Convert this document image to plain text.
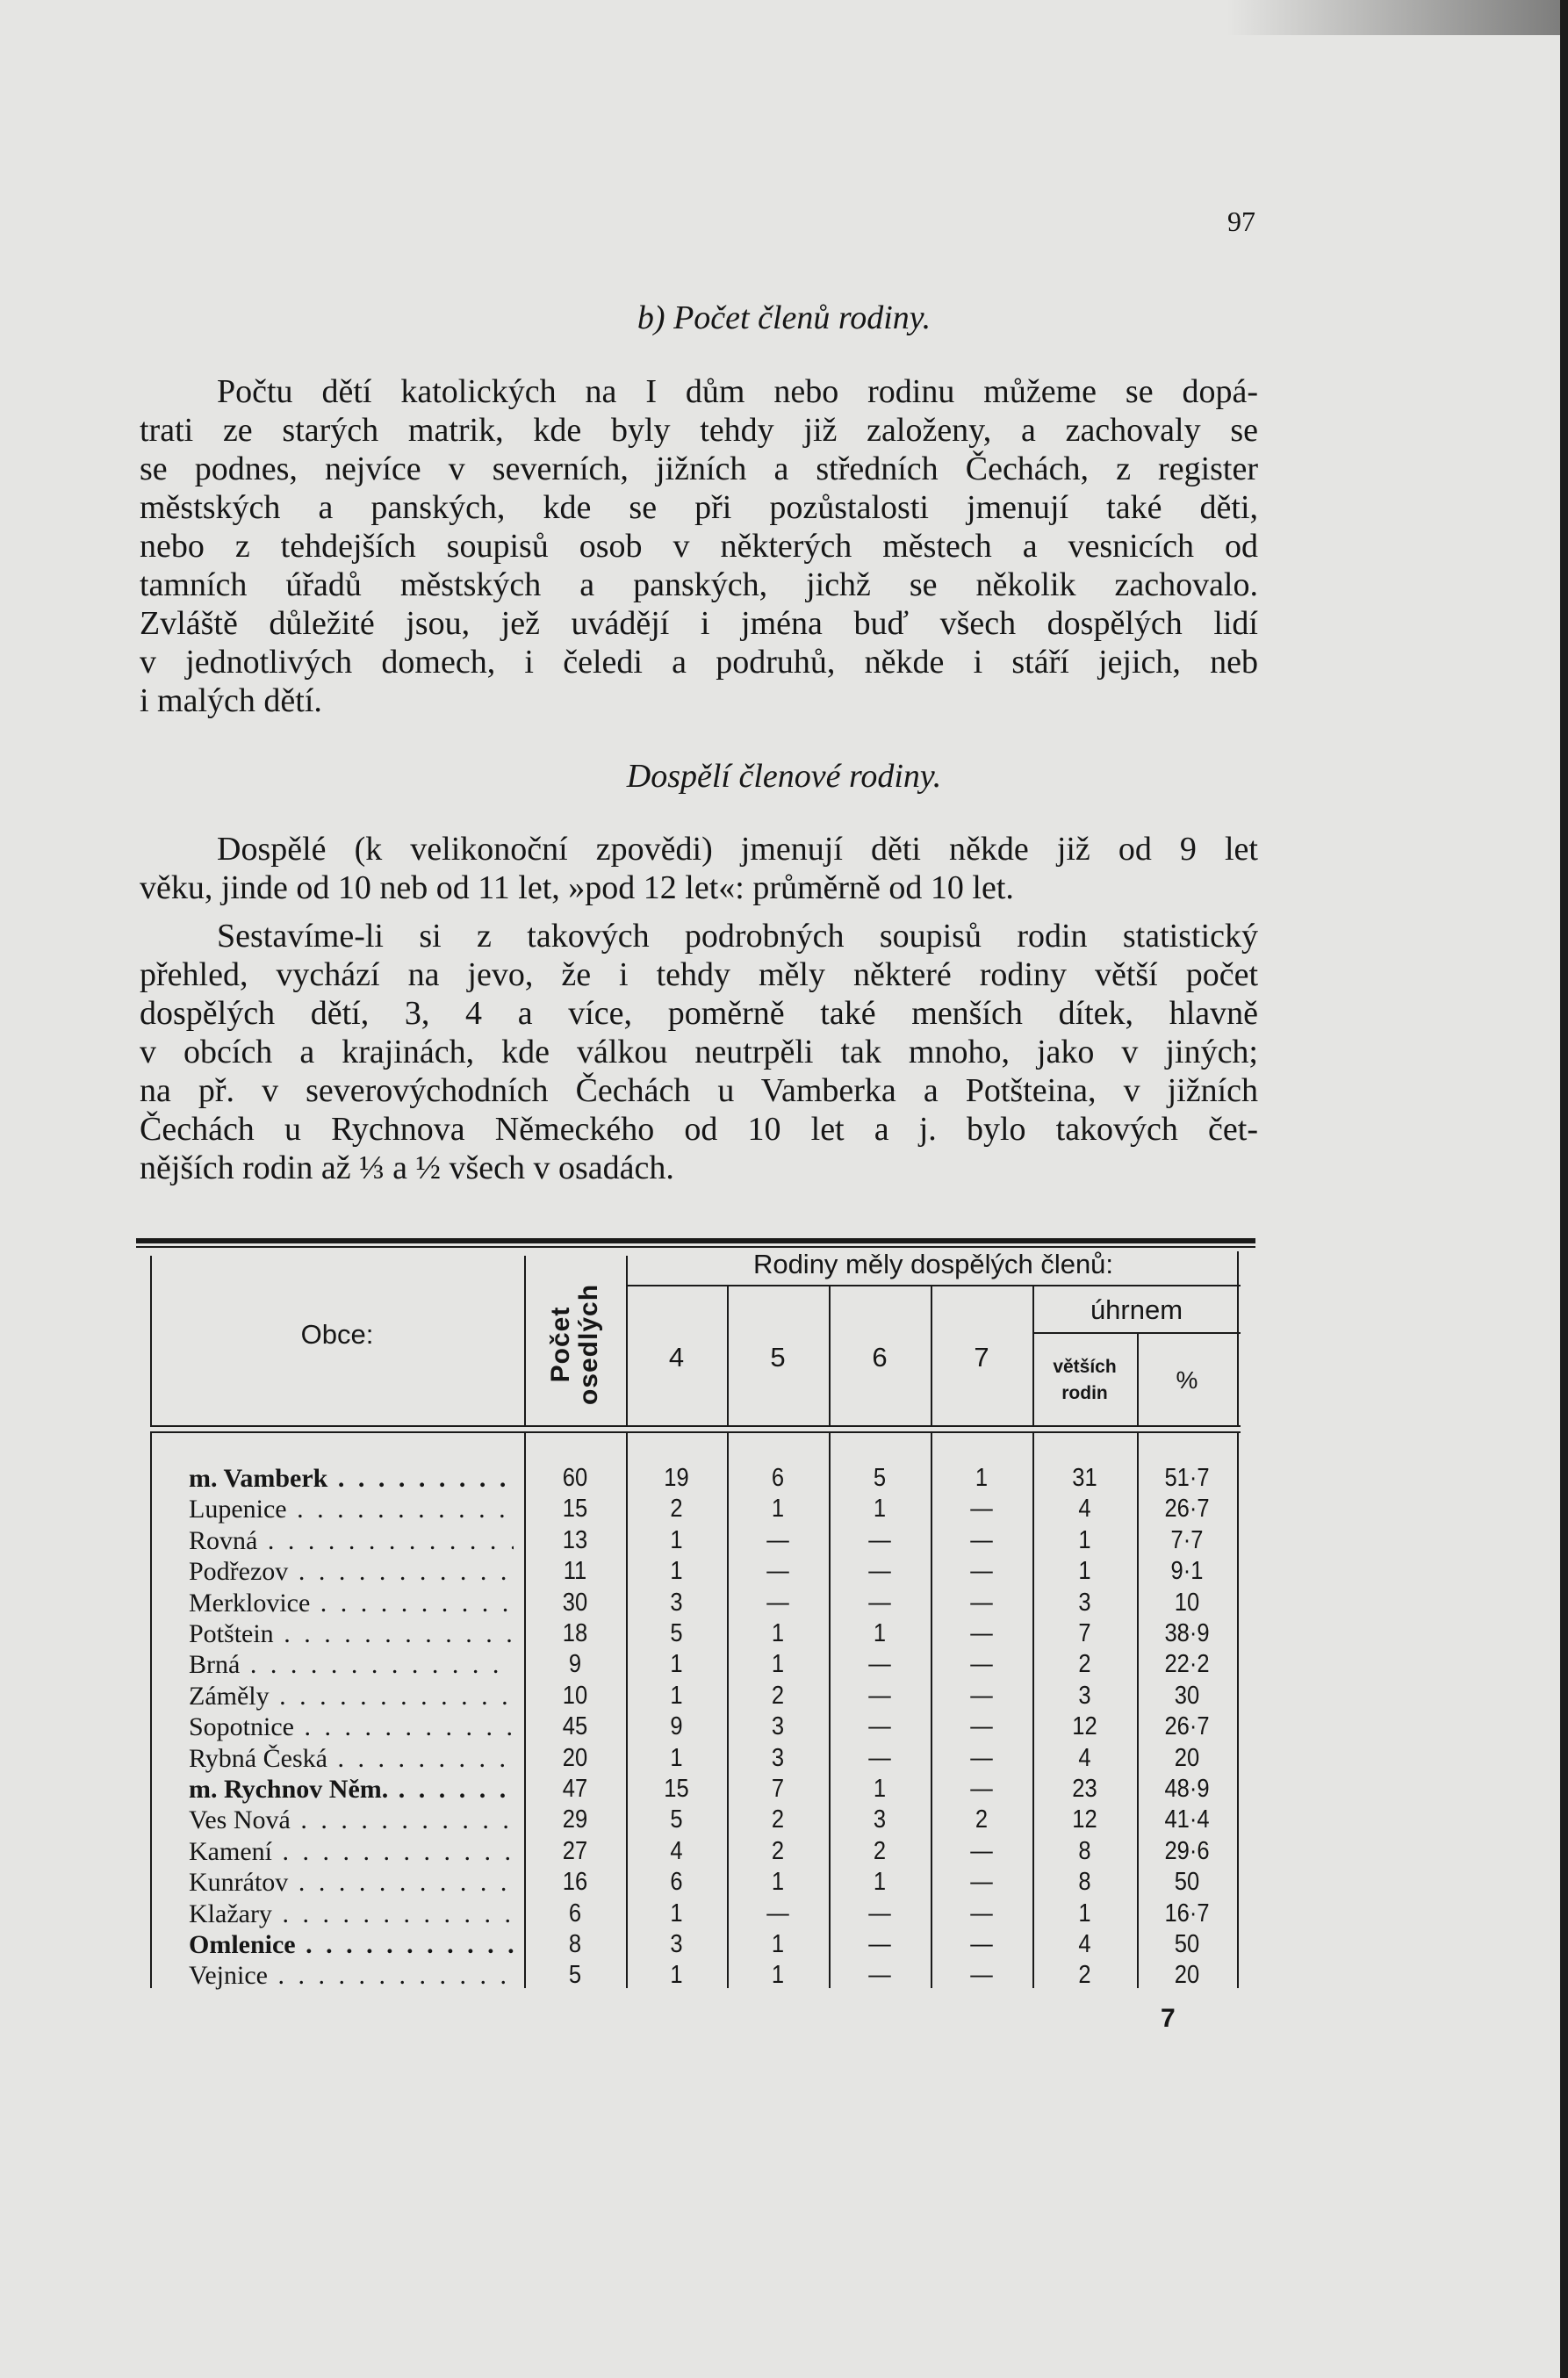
97
b) Počet členů rodiny.
Počtu dětí katolických na I dům nebo rodinu můžeme se dopá-
trati ze starých matrik, kde byly tehdy již založeny, a zachovaly se
se podnes, nejvíce v severních, jižních a středních Čechách, z register
městských a panských, kde se při pozůstalosti jmenují také děti,
nebo z tehdejších soupisů osob v některých městech a vesnicích od
tamních úřadů městských a panských, jichž se několik zachovalo.
Zvláště důležité jsou, jež uvádějí i jména buď všech dospělých lidí
v jednotlivých domech, i čeledi a podruhů, někde i stáří jejich, neb
i malých dětí.
Dospělí členové rodiny.
Dospělé (k velikonoční zpovědi) jmenují děti někde již od 9 let
věku, jinde od 10 neb od 11 let, »pod 12 let«: průměrně od 10 let.
Sestavíme-li si z takových podrobných soupisů rodin statistický
přehled, vychází na jevo, že i tehdy měly některé rodiny větší počet
dospělých dětí, 3, 4 a více, poměrně také menších dítek, hlavně
v obcích a krajinách, kde válkou neutrpěli tak mnoho, jako v jiných;
na př. v severovýchodních Čechách u Vamberka a Potšteina, v jižních
Čechách u Rychnova Německého od 10 let a j. bylo takových čet-
nějších rodin až ⅓ a ½ všech v osadách.
Obce:	Počet
osedlých
Rodiny měly dospělých členů:
4	5	6	7
úhrnem
větších
rodin	%
m. Vamberk . . .	60	19	6	5	1	31	51·7
Lupenice . . .	15	2	1	1	—	4	26·7
Rovná . . .	13	1	—	—	—	1	7·7
Podřezov . . .	11	1	—	—	—	1	9·1
Merklovice . . .	30	3	—	—	—	3	10
Potštein . . .	18	5	1	1	—	7	38·9
Brná . . .	9	1	1	—	—	2	22·2
Záměly . . .	10	1	2	—	—	3	30
Sopotnice . . .	45	9	3	—	—	12	26·7
Rybná Česká . . .	20	1	3	—	—	4	20
m. Rychnov Něm. . . .	47	15	7	1	—	23	48·9
Ves Nová . . .	29	5	2	3	2	12	41·4
Kamení . . .	27	4	2	2	—	8	29·6
Kunrátov . . .	16	6	1	1	—	8	50
Klažary . . .	6	1	—	—	—	1	16·7
Omlenice . . .	8	3	1	—	—	4	50
Vejnice . . .	5	1	1	—	—	2	20
7
